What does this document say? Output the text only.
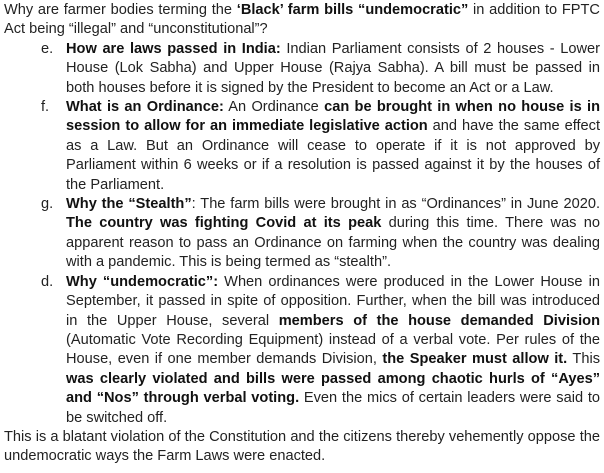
Why are farmer bodies terming the ‘Black’ farm bills “undemocratic” in addition to FPTC Act being “illegal” and “unconstitutional”?

e. How are laws passed in India: Indian Parliament consists of 2 houses - Lower House (Lok Sabha) and Upper House (Rajya Sabha). A bill must be passed in both houses before it is signed by the President to become an Act or a Law.
f. What is an Ordinance: An Ordinance can be brought in when no house is in session to allow for an immediate legislative action and have the same effect as a Law. But an Ordinance will cease to operate if it is not approved by Parliament within 6 weeks or if a resolution is passed against it by the houses of the Parliament.
g. Why the “Stealth”: The farm bills were brought in as “Ordinances” in June 2020. The country was fighting Covid at its peak during this time. There was no apparent reason to pass an Ordinance on farming when the country was dealing with a pandemic. This is being termed as “stealth”.
d. Why “undemocratic”: When ordinances were produced in the Lower House in September, it passed in spite of opposition. Further, when the bill was introduced in the Upper House, several members of the house demanded Division (Automatic Vote Recording Equipment) instead of a verbal vote. Per rules of the House, even if one member demands Division, the Speaker must allow it. This was clearly violated and bills were passed among chaotic hurls of “Ayes” and “Nos” through verbal voting. Even the mics of certain leaders were said to be switched off.

This is a blatant violation of the Constitution and the citizens thereby vehemently oppose the undemocratic ways the Farm Laws were enacted.
